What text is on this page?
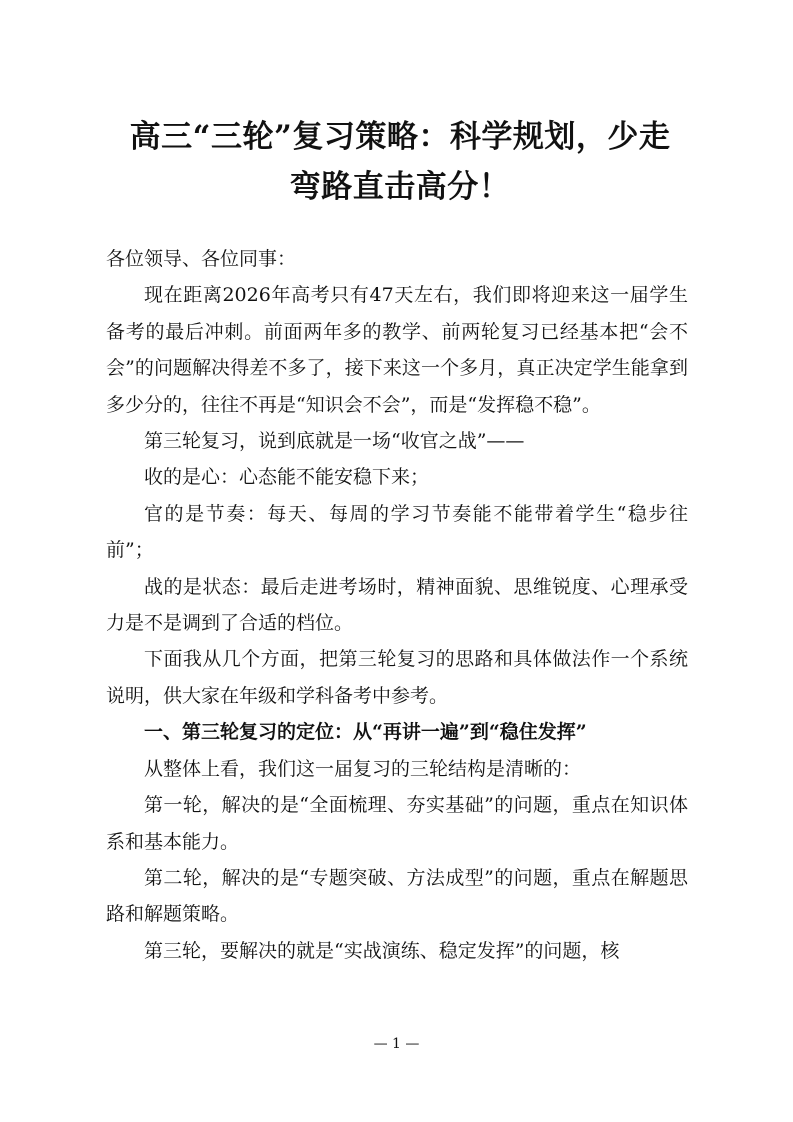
高三“三轮”复习策略：科学规划，少走
弯路直击高分！

各位领导、各位同事：

现在距离2026年高考只有47天左右，我们即将迎来这一届学生备考的最后冲刺。前面两年多的教学、前两轮复习已经基本把“会不会”的问题解决得差不多了，接下来这一个多月，真正决定学生能拿到多少分的，往往不再是“知识会不会”，而是“发挥稳不稳”。

第三轮复习，说到底就是一场“收官之战”——

收的是心：心态能不能安稳下来；

官的是节奏：每天、每周的学习节奏能不能带着学生“稳步往前”；

战的是状态：最后走进考场时，精神面貌、思维锐度、心理承受力是不是调到了合适的档位。

下面我从几个方面，把第三轮复习的思路和具体做法作一个系统说明，供大家在年级和学科备考中参考。

一、第三轮复习的定位：从“再讲一遍”到“稳住发挥”

从整体上看，我们这一届复习的三轮结构是清晰的：

第一轮，解决的是“全面梳理、夯实基础”的问题，重点在知识体系和基本能力。

第二轮，解决的是“专题突破、方法成型”的问题，重点在解题思路和解题策略。

第三轮，要解决的就是“实战演练、稳定发挥”的问题，核

— 1 —
